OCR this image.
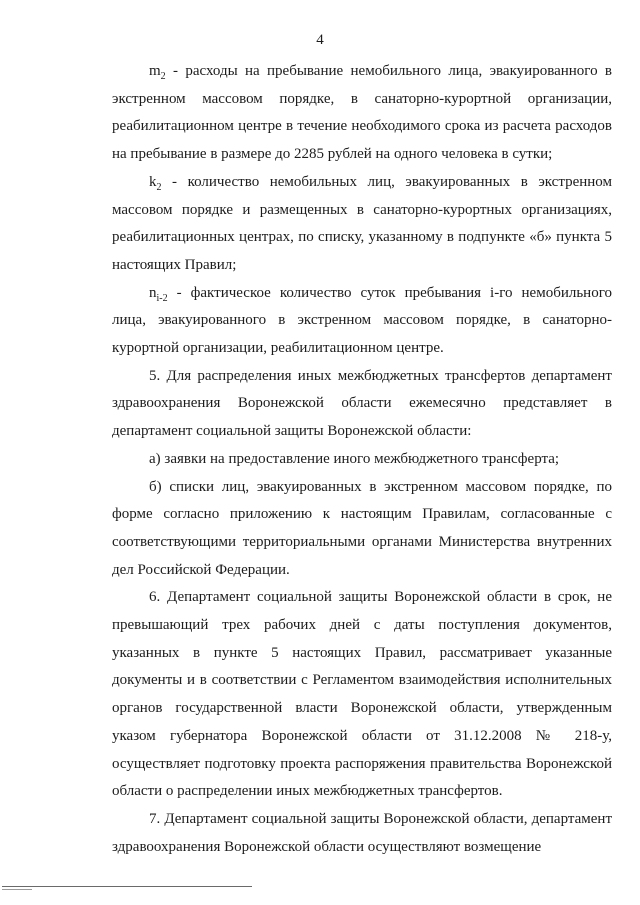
4

$m_2$ - расходы на пребывание немобильного лица, эвакуированного в экстренном массовом порядке, в санаторно-курортной организации, реабилитационном центре в течение необходимого срока из расчета расходов на пребывание в размере до 2285 рублей на одного человека в сутки;

$k_2$ - количество немобильных лиц, эвакуированных в экстренном массовом порядке и размещенных в санаторно-курортных организациях, реабилитационных центрах, по списку, указанному в подпункте «б» пункта 5 настоящих Правил;

$n_{i-2}$ - фактическое количество суток пребывания i-го немобильного лица, эвакуированного в экстренном массовом порядке, в санаторно-курортной организации, реабилитационном центре.

5. Для распределения иных межбюджетных трансфертов департамент здравоохранения Воронежской области ежемесячно представляет в департамент социальной защиты Воронежской области:

а) заявки на предоставление иного межбюджетного трансферта;

б) списки лиц, эвакуированных в экстренном массовом порядке, по форме согласно приложению к настоящим Правилам, согласованные с соответствующими территориальными органами Министерства внутренних дел Российской Федерации.

6. Департамент социальной защиты Воронежской области в срок, не превышающий трех рабочих дней с даты поступления документов, указанных в пункте 5 настоящих Правил, рассматривает указанные документы и в соответствии с Регламентом взаимодействия исполнительных органов государственной власти Воронежской области, утвержденным указом губернатора Воронежской области от 31.12.2008 № 218-у, осуществляет подготовку проекта распоряжения правительства Воронежской области о распределении иных межбюджетных трансфертов.

7. Департамент социальной защиты Воронежской области, департамент здравоохранения Воронежской области осуществляют возмещение
